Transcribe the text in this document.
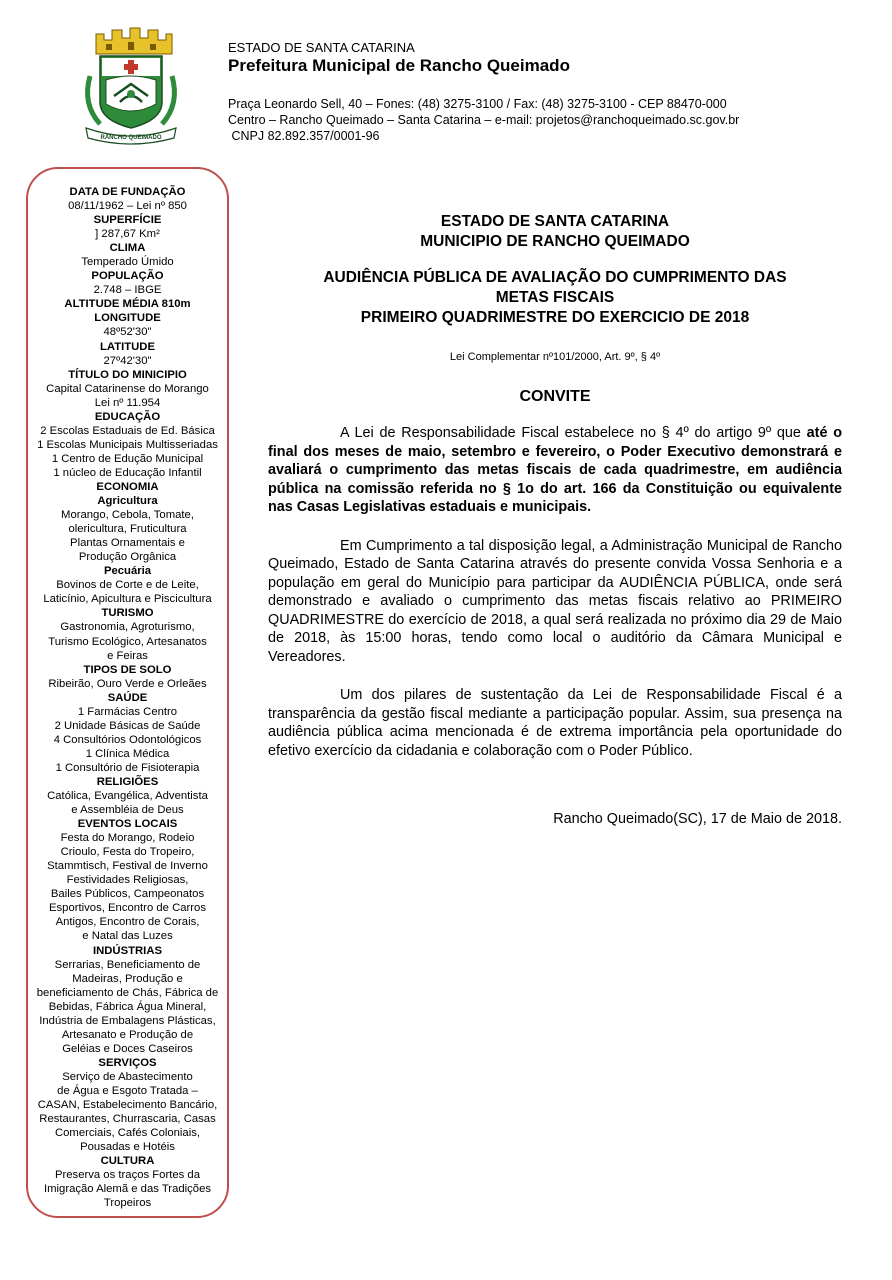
RANCHO QUEIMADO
ESTADO DE SANTA CATARINA
Prefeitura Municipal de Rancho Queimado
Praça Leonardo Sell, 40 – Fones: (48) 3275-3100 / Fax: (48) 3275-3100 - CEP 88470-000
Centro – Rancho Queimado – Santa Catarina – e-mail: projetos@ranchoqueimado.sc.gov.br
CNPJ 82.892.357/0001-96
DATA DE FUNDAÇÃO
08/11/1962 – Lei nº 850
SUPERFÍCIE
] 287,67 Km²
CLIMA
Temperado Úmido
POPULAÇÃO
2.748 – IBGE
ALTITUDE MÉDIA 810m
LONGITUDE
48º52'30"
LATITUDE
27º42'30"
TÍTULO DO MINICIPIO
Capital Catarinense do Morango
Lei nº 11.954
EDUCAÇÃO
2 Escolas Estaduais de Ed. Básica
1 Escolas Municipais Multisseriadas
1 Centro de Edução Municipal
1 núcleo de Educação Infantil
ECONOMIA
Agricultura
Morango, Cebola, Tomate,
olericultura, Fruticultura
Plantas Ornamentais e
Produção Orgânica
Pecuária
Bovinos de Corte e de Leite,
Laticínio, Apicultura e Piscicultura
TURISMO
Gastronomia, Agroturismo,
Turismo Ecológico, Artesanatos
e Feiras
TIPOS DE SOLO
Ribeirão, Ouro Verde e Orleães
SAÚDE
1 Farmácias Centro
2 Unidade Básicas de Saúde
4 Consultórios Odontológicos
1 Clínica Médica
1 Consultório de Fisioterapia
RELIGIÕES
Católica, Evangélica, Adventista
e Assembléia de Deus
EVENTOS LOCAIS
Festa do Morango, Rodeio
Crioulo, Festa do Tropeiro,
Stammtisch, Festival de Inverno
Festividades Religiosas,
Bailes Públicos, Campeonatos
Esportivos, Encontro de Carros
Antigos, Encontro de Corais,
e Natal das Luzes
INDÚSTRIAS
Serrarias, Beneficiamento de
Madeiras, Produção e
beneficiamento de Chás, Fábrica de
Bebidas, Fábrica Água Mineral,
Indústria de Embalagens Plásticas,
Artesanato e Produção de
Geléias e Doces Caseiros
SERVIÇOS
Serviço de Abastecimento
de Água e Esgoto Tratada –
CASAN, Estabelecimento Bancário,
Restaurantes, Churrascaria, Casas
Comerciais, Cafés Coloniais,
Pousadas e Hotéis
CULTURA
Preserva os traços Fortes da
Imigração Alemã e das Tradições
Tropeiros
ESTADO DE SANTA CATARINA
MUNICIPIO DE RANCHO QUEIMADO
AUDIÊNCIA PÚBLICA DE AVALIAÇÃO DO CUMPRIMENTO DAS
METAS FISCAIS
PRIMEIRO QUADRIMESTRE DO EXERCICIO DE 2018
Lei Complementar nº101/2000, Art. 9º, § 4º
CONVITE

A Lei de Responsabilidade Fiscal estabelece no § 4º do artigo 9º que até o final dos meses de maio, setembro e fevereiro, o Poder Executivo demonstrará e avaliará o cumprimento das metas fiscais de cada quadrimestre, em audiência pública na comissão referida no § 1o do art. 166 da Constituição ou equivalente nas Casas Legislativas estaduais e municipais.

Em Cumprimento a tal disposição legal, a Administração Municipal de Rancho Queimado, Estado de Santa Catarina através do presente convida Vossa Senhoria e a população em geral do Município para participar da AUDIÊNCIA PÚBLICA, onde será demonstrado e avaliado o cumprimento das metas fiscais relativo ao PRIMEIRO QUADRIMESTRE do exercício de 2018, a qual será realizada no próximo dia 29 de Maio de 2018, às 15:00 horas, tendo como local o auditório da Câmara Municipal e Vereadores.

Um dos pilares de sustentação da Lei de Responsabilidade Fiscal é a transparência da gestão fiscal mediante a participação popular. Assim, sua presença na audiência pública acima mencionada é de extrema importância pela oportunidade do efetivo exercício da cidadania e colaboração com o Poder Público.

Rancho Queimado(SC), 17 de Maio de 2018.
